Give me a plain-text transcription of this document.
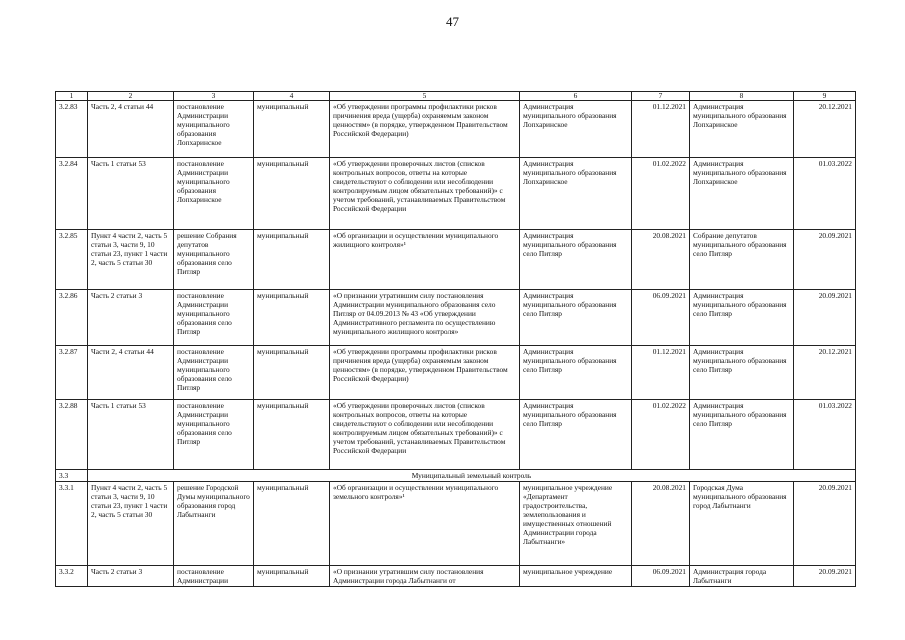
47
1	2	3	4	5	6	7	8	9
3.2.83	Часть 2, 4 статьи 44	постановление Администрации муниципального образования Лопхаринское	муниципальный	«Об утверждении программы профилактики рисков причинения вреда (ущерба) охраняемым законом ценностям» (в порядке, утвержденном Правительством Российской Федерации)	Администрация муниципального образования Лопхаринское	01.12.2021	Администрация муниципального образования Лопхаринское	20.12.2021
3.2.84	Часть 1 статьи 53	постановление Администрации муниципального образования Лопхаринское	муниципальный	«Об утверждении проверочных листов (списков контрольных вопросов, ответы на которые свидетельствуют о соблюдении или несоблюдении контролируемым лицом обязательных требований)» с учетом требований, устанавливаемых Правительством Российской Федерации	Администрация муниципального образования Лопхаринское	01.02.2022	Администрация муниципального образования Лопхаринское	01.03.2022
3.2.85	Пункт 4 части 2, часть 5 статьи 3, части 9, 10 статьи 23, пункт 1 части 2, часть 5 статьи 30	решение Собрания депутатов муниципального образования село Питляр	муниципальный	«Об организации и осуществлении муниципального жилищного контроля»¹	Администрация муниципального образования село Питляр	20.08.2021	Собрание депутатов муниципального образования село Питляр	20.09.2021
3.2.86	Часть 2 статьи 3	постановление Администрации муниципального образования село Питляр	муниципальный	«О признании утратившим силу постановления Администрации муниципального образования село Питляр от 04.09.2013 № 43 «Об утверждении Административного регламента по осуществлению муниципального жилищного контроля»	Администрация муниципального образования село Питляр	06.09.2021	Администрация муниципального образования село Питляр	20.09.2021
3.2.87	Части 2, 4 статьи 44	постановление Администрации муниципального образования село Питляр	муниципальный	«Об утверждении программы профилактики рисков причинения вреда (ущерба) охраняемым законом ценностям» (в порядке, утвержденном Правительством Российской Федерации)	Администрация муниципального образования село Питляр	01.12.2021	Администрация муниципального образования село Питляр	20.12.2021
3.2.88	Часть 1 статьи 53	постановление Администрации муниципального образования село Питляр	муниципальный	«Об утверждении проверочных листов (списков контрольных вопросов, ответы на которые свидетельствуют о соблюдении или несоблюдении контролируемым лицом обязательных требований)» с учетом требований, устанавливаемых Правительством Российской Федерации	Администрация муниципального образования село Питляр	01.02.2022	Администрация муниципального образования село Питляр	01.03.2022
3.3	Муниципальный земельный контроль							
3.3.1	Пункт 4 части 2, часть 5 статьи 3, части 9, 10 статьи 23, пункт 1 части 2, часть 5 статьи 30	решение Городской Думы муниципального образования город Лабытнанги	муниципальный	«Об организации и осуществлении муниципального земельного контроля»¹	муниципальное учреждение «Департамент градостроительства, землепользования и имущественных отношений Администрации города Лабытнанги»	20.08.2021	Городская Дума муниципального образования город Лабытнанги	20.09.2021
3.3.2	Часть 2 статьи 3	постановление Администрации	муниципальный	«О признании утратившим силу постановления Администрации города Лабытнанги от	муниципальное учреждение	06.09.2021	Администрация города Лабытнанги	20.09.2021
